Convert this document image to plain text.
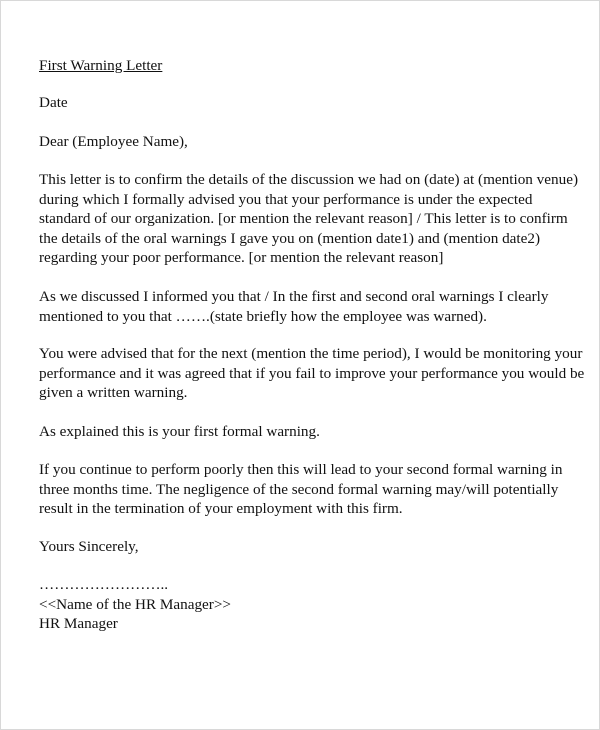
First Warning Letter
Date
Dear (Employee Name),
This letter is to confirm the details of the discussion we had on (date) at (mention venue)
during which I formally advised you that your performance is under the expected
standard of our organization. [or mention the relevant reason] / This letter is to confirm
the details of the oral warnings I gave you on (mention date1) and (mention date2)
regarding your poor performance. [or mention the relevant reason]
As we discussed I informed you that / In the first and second oral warnings I clearly
mentioned to you that …….(state briefly how the employee was warned).
You were advised that for the next (mention the time period), I would be monitoring your
performance and it was agreed that if you fail to improve your performance you would be
given a written warning.
As explained this is your first formal warning.
If you continue to perform poorly then this will lead to your second formal warning in
three months time. The negligence of the second formal warning may/will potentially
result in the termination of your employment with this firm.
Yours Sincerely,
……………………..
<<Name of the HR Manager>>
HR Manager
